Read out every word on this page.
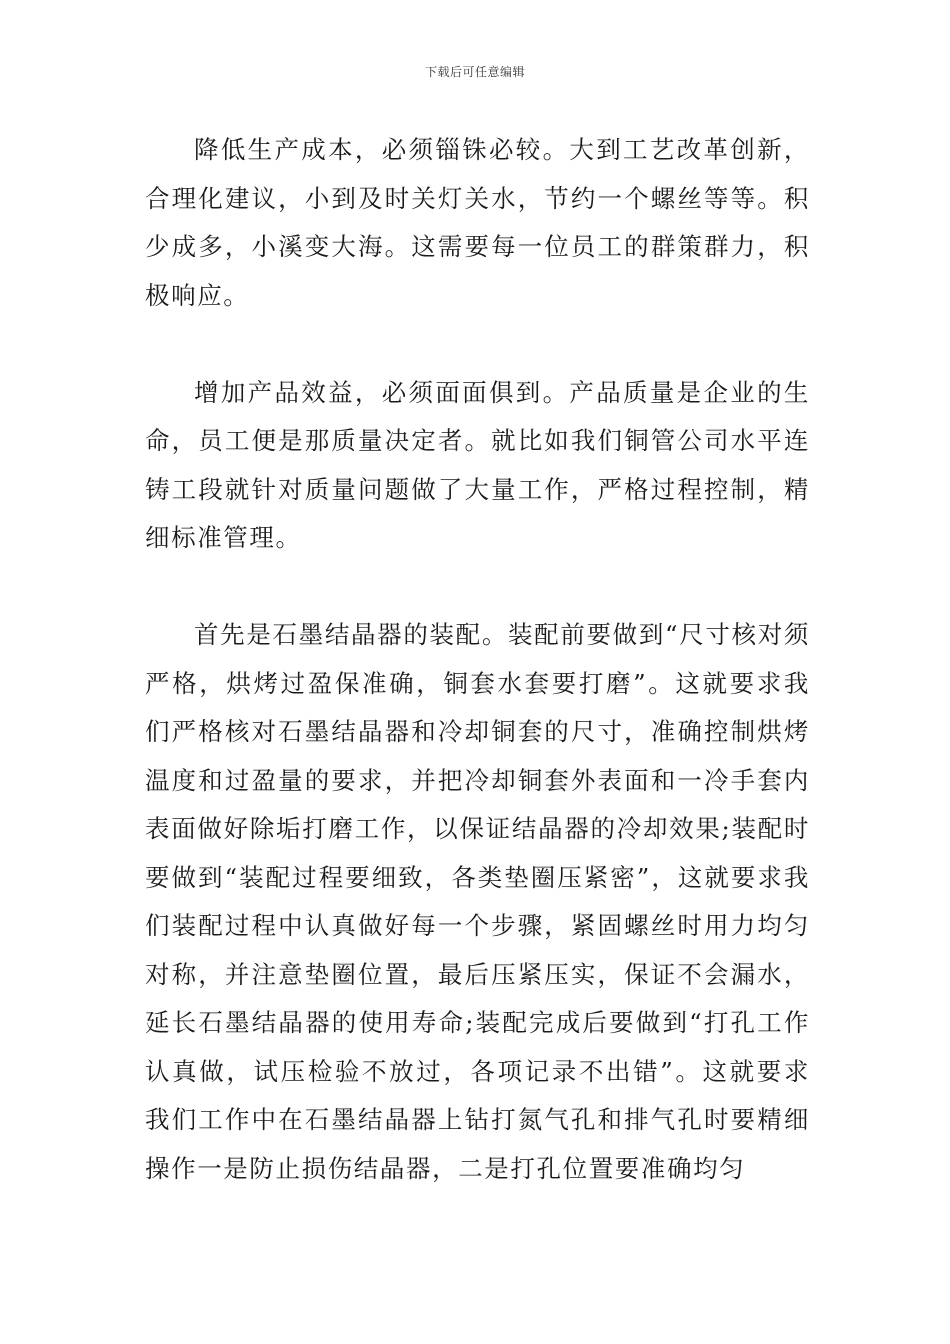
下载后可任意编辑

降低生产成本，必须锱铢必较。大到工艺改革创新，合理化建议，小到及时关灯关水，节约一个螺丝等等。积少成多，小溪变大海。这需要每一位员工的群策群力，积极响应。

增加产品效益，必须面面俱到。产品质量是企业的生命，员工便是那质量决定者。就比如我们铜管公司水平连铸工段就针对质量问题做了大量工作，严格过程控制，精细标准管理。

首先是石墨结晶器的装配。装配前要做到“尺寸核对须严格，烘烤过盈保准确，铜套水套要打磨”。这就要求我们严格核对石墨结晶器和冷却铜套的尺寸，准确控制烘烤温度和过盈量的要求，并把冷却铜套外表面和一冷手套内表面做好除垢打磨工作，以保证结晶器的冷却效果;装配时要做到“装配过程要细致，各类垫圈压紧密”，这就要求我们装配过程中认真做好每一个步骤，紧固螺丝时用力均匀对称，并注意垫圈位置，最后压紧压实，保证不会漏水，延长石墨结晶器的使用寿命;装配完成后要做到“打孔工作认真做，试压检验不放过，各项记录不出错”。这就要求我们工作中在石墨结晶器上钻打氮气孔和排气孔时要精细操作一是防止损伤结晶器，二是打孔位置要准确均匀
